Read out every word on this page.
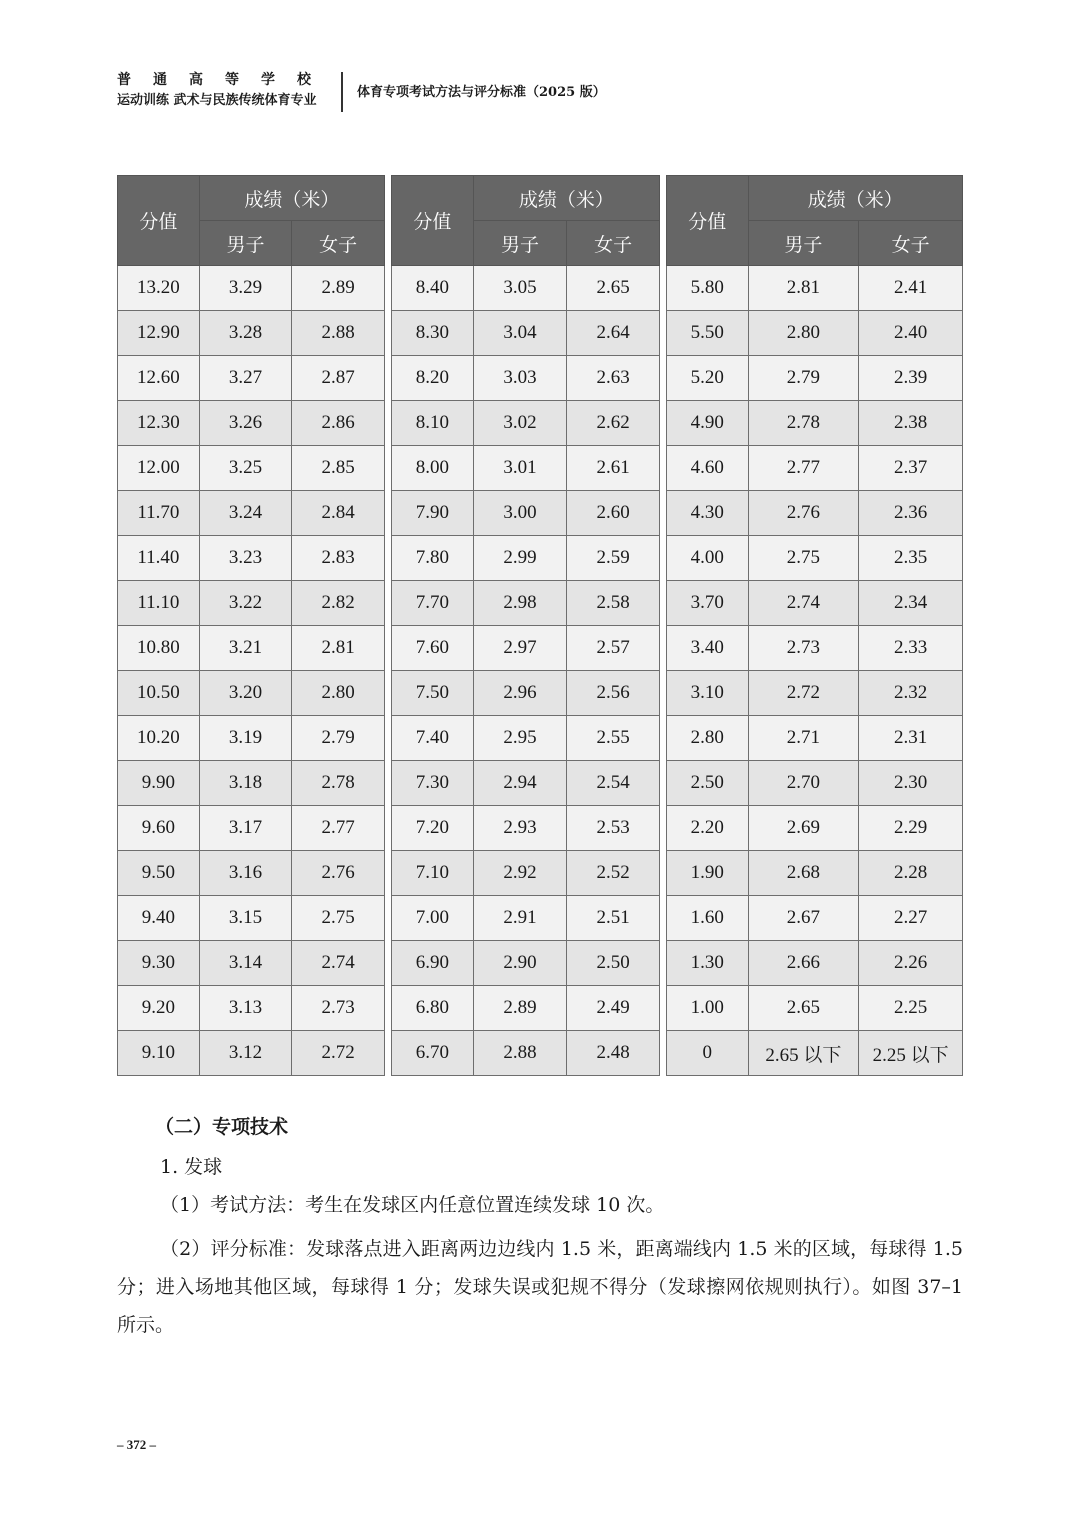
普通高等学校
运动训练 武术与民族传统体育专业
体育专项考试方法与评分标准（2025 版）
分值	成绩（米）	
	男子	女子
13.20	3.29	2.89
12.90	3.28	2.88
12.60	3.27	2.87
12.30	3.26	2.86
12.00	3.25	2.85
11.70	3.24	2.84
11.40	3.23	2.83
11.10	3.22	2.82
10.80	3.21	2.81
10.50	3.20	2.80
10.20	3.19	2.79
9.90	3.18	2.78
9.60	3.17	2.77
9.50	3.16	2.76
9.40	3.15	2.75
9.30	3.14	2.74
9.20	3.13	2.73
9.10	3.12	2.72
分值	成绩（米）	
	男子	女子
8.40	3.05	2.65
8.30	3.04	2.64
8.20	3.03	2.63
8.10	3.02	2.62
8.00	3.01	2.61
7.90	3.00	2.60
7.80	2.99	2.59
7.70	2.98	2.58
7.60	2.97	2.57
7.50	2.96	2.56
7.40	2.95	2.55
7.30	2.94	2.54
7.20	2.93	2.53
7.10	2.92	2.52
7.00	2.91	2.51
6.90	2.90	2.50
6.80	2.89	2.49
6.70	2.88	2.48
分值	成绩（米）	
	男子	女子
5.80	2.81	2.41
5.50	2.80	2.40
5.20	2.79	2.39
4.90	2.78	2.38
4.60	2.77	2.37
4.30	2.76	2.36
4.00	2.75	2.35
3.70	2.74	2.34
3.40	2.73	2.33
3.10	2.72	2.32
2.80	2.71	2.31
2.50	2.70	2.30
2.20	2.69	2.29
1.90	2.68	2.28
1.60	2.67	2.27
1.30	2.66	2.26
1.00	2.65	2.25
0	2.65 以下	2.25 以下
（二）专项技术
1. 发球
（1）考试方法：考生在发球区内任意位置连续发球 10 次。
（2）评分标准：发球落点进入距离两边边线内 1.5 米，距离端线内 1.5 米的区域，每球得 1.5 分；进入场地其他区域，每球得 1 分；发球失误或犯规不得分（发球擦网依规则执行）。如图 37–1 所示。
– 372 –
